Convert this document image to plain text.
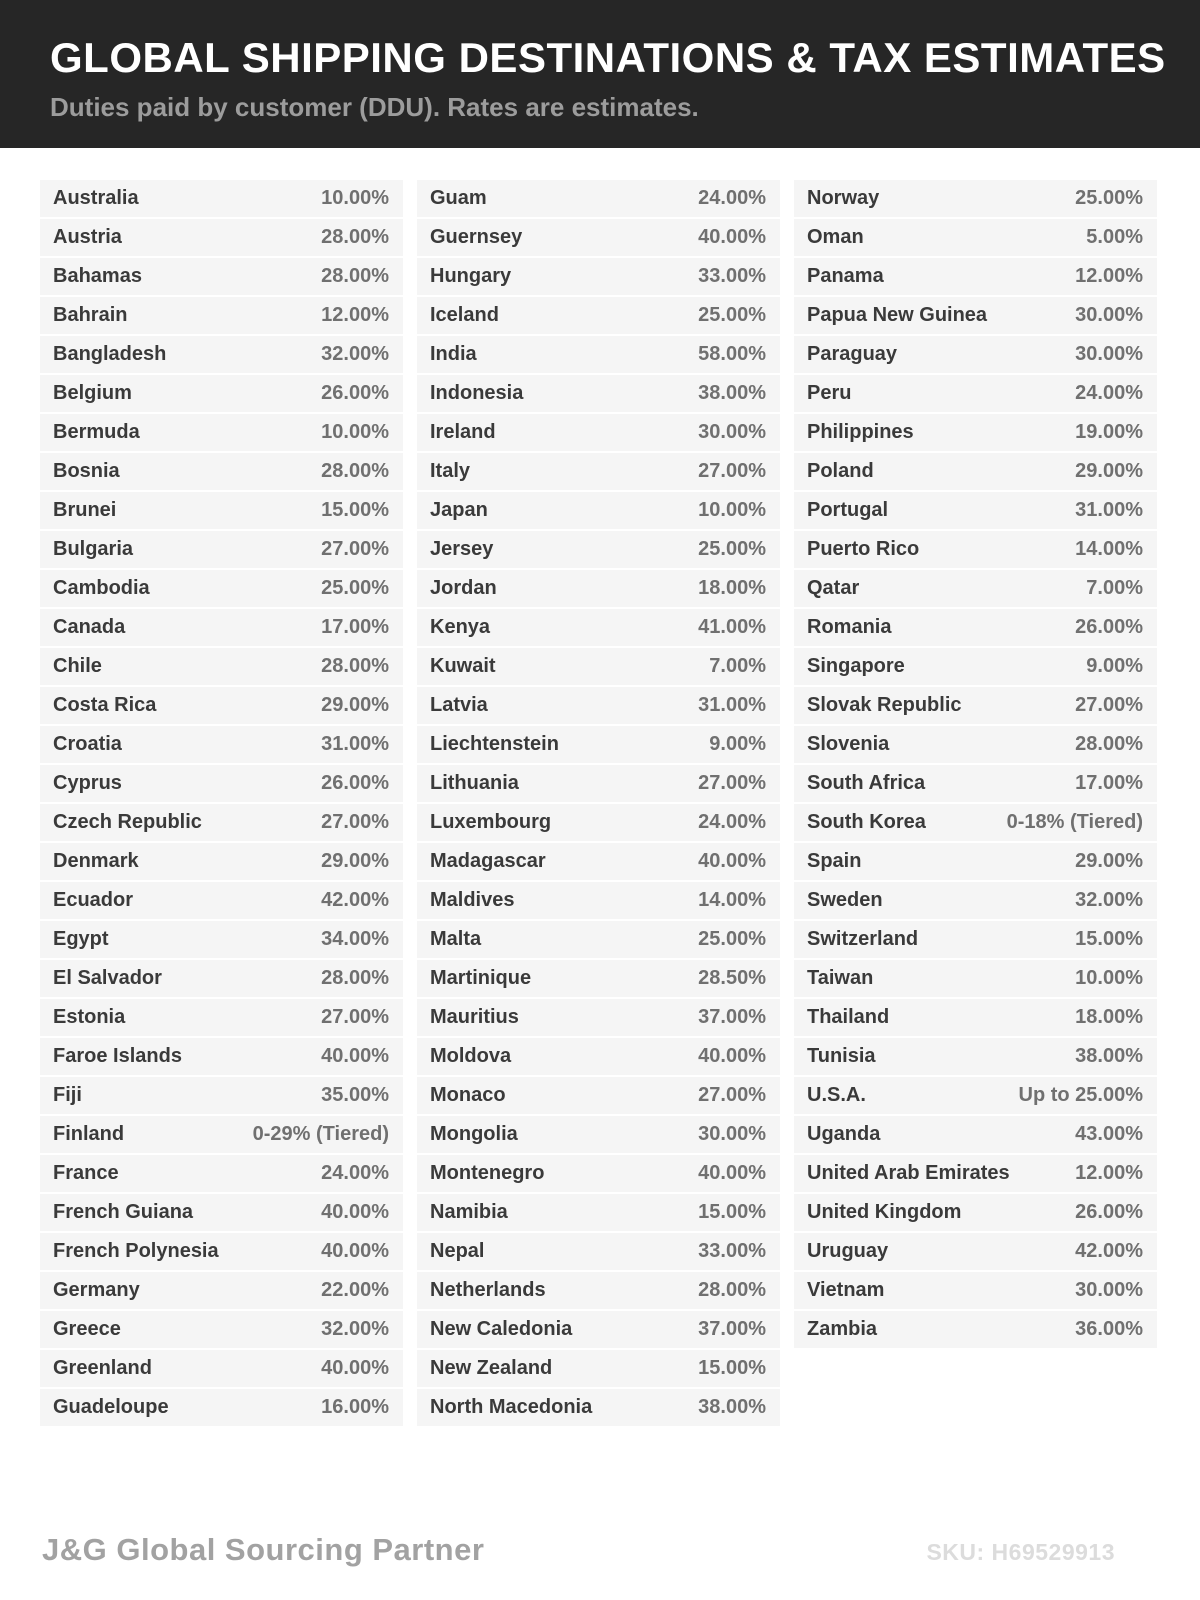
GLOBAL SHIPPING DESTINATIONS & TAX ESTIMATES
Duties paid by customer (DDU). Rates are estimates.
Australia	10.00%
Austria	28.00%
Bahamas	28.00%
Bahrain	12.00%
Bangladesh	32.00%
Belgium	26.00%
Bermuda	10.00%
Bosnia	28.00%
Brunei	15.00%
Bulgaria	27.00%
Cambodia	25.00%
Canada	17.00%
Chile	28.00%
Costa Rica	29.00%
Croatia	31.00%
Cyprus	26.00%
Czech Republic	27.00%
Denmark	29.00%
Ecuador	42.00%
Egypt	34.00%
El Salvador	28.00%
Estonia	27.00%
Faroe Islands	40.00%
Fiji	35.00%
Finland	0-29% (Tiered)
France	24.00%
French Guiana	40.00%
French Polynesia	40.00%
Germany	22.00%
Greece	32.00%
Greenland	40.00%
Guadeloupe	16.00%
Guam	24.00%
Guernsey	40.00%
Hungary	33.00%
Iceland	25.00%
India	58.00%
Indonesia	38.00%
Ireland	30.00%
Italy	27.00%
Japan	10.00%
Jersey	25.00%
Jordan	18.00%
Kenya	41.00%
Kuwait	7.00%
Latvia	31.00%
Liechtenstein	9.00%
Lithuania	27.00%
Luxembourg	24.00%
Madagascar	40.00%
Maldives	14.00%
Malta	25.00%
Martinique	28.50%
Mauritius	37.00%
Moldova	40.00%
Monaco	27.00%
Mongolia	30.00%
Montenegro	40.00%
Namibia	15.00%
Nepal	33.00%
Netherlands	28.00%
New Caledonia	37.00%
New Zealand	15.00%
North Macedonia	38.00%
Norway	25.00%
Oman	5.00%
Panama	12.00%
Papua New Guinea	30.00%
Paraguay	30.00%
Peru	24.00%
Philippines	19.00%
Poland	29.00%
Portugal	31.00%
Puerto Rico	14.00%
Qatar	7.00%
Romania	26.00%
Singapore	9.00%
Slovak Republic	27.00%
Slovenia	28.00%
South Africa	17.00%
South Korea	0-18% (Tiered)
Spain	29.00%
Sweden	32.00%
Switzerland	15.00%
Taiwan	10.00%
Thailand	18.00%
Tunisia	38.00%
U.S.A.	Up to 25.00%
Uganda	43.00%
United Arab Emirates	12.00%
United Kingdom	26.00%
Uruguay	42.00%
Vietnam	30.00%
Zambia	36.00%
J&G Global Sourcing Partner	SKU: H69529913
